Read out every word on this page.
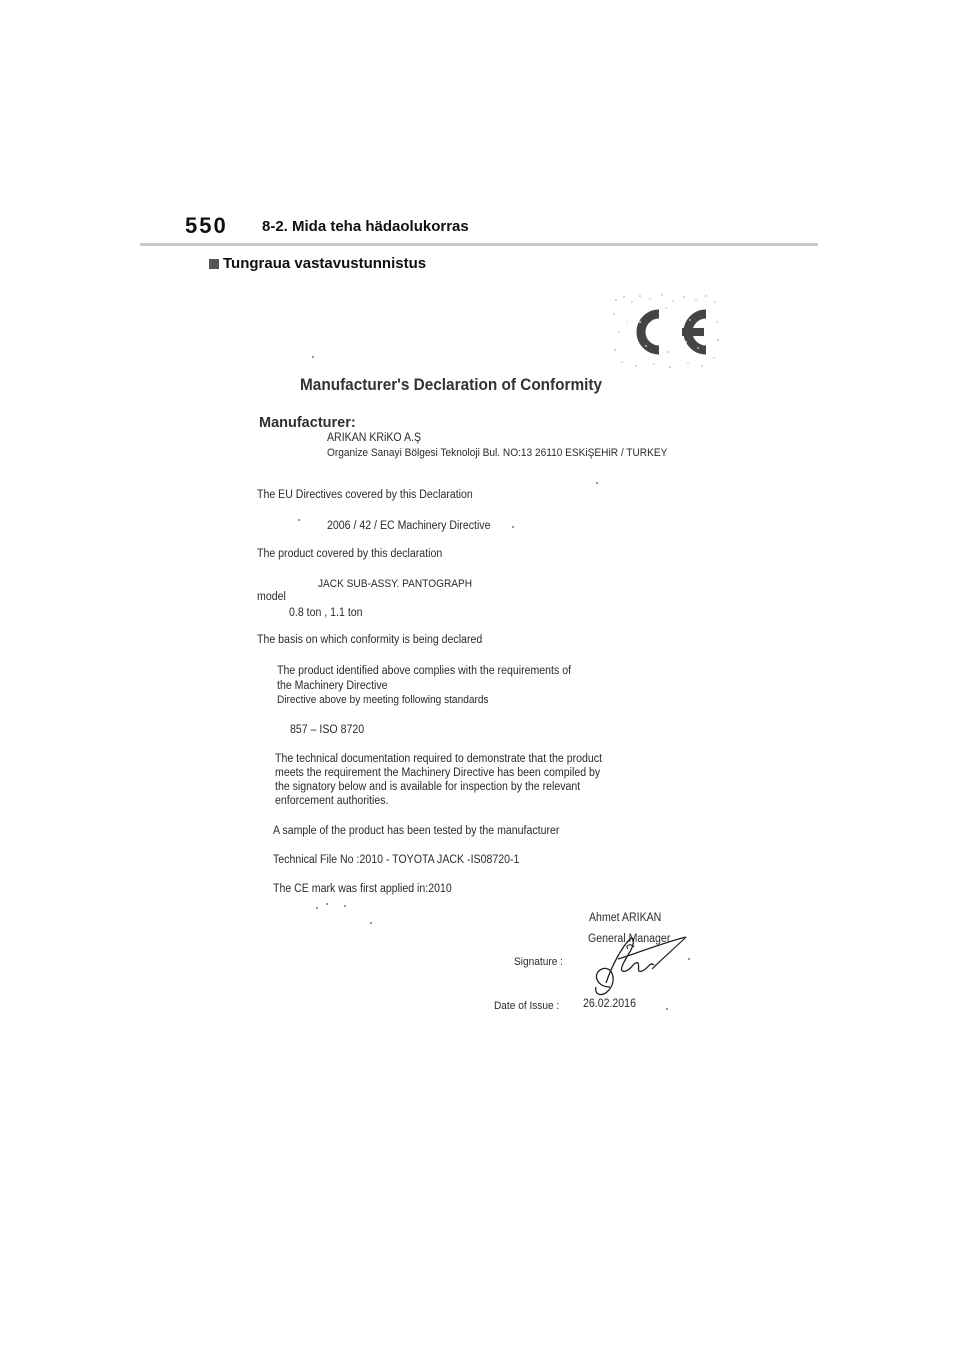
550 8-2. Mida teha hädaolukorras
Tungraua vastavustunnistus
Manufacturer's Declaration of Conformity
Manufacturer:
ARIKAN KRiKO A.Ş
Organize Sanayi Bölgesi Teknoloji Bul. NO:13 26110 ESKiŞEHiR / TURKEY
The EU Directives covered by this Declaration
2006 / 42 / EC Machinery Directive
The product covered by this declaration
JACK SUB-ASSY. PANTOGRAPH
model
0.8 ton , 1.1 ton
The basis on which conformity is being declared
The product identified above complies with the requirements of
the Machinery Directive
Directive above by meeting following standards
857 – ISO 8720
The technical documentation required to demonstrate that the product
meets the requirement the Machinery Directive has been compiled by
the signatory below and is available for inspection by the relevant
enforcement authorities.
A sample of the product has been tested by the manufacturer
Technical File No :2010 - TOYOTA JACK -IS08720-1
The CE mark was first applied in:2010
Ahmet ARIKAN
General Manager
Signature :
Date of Issue : 26.02.2016
